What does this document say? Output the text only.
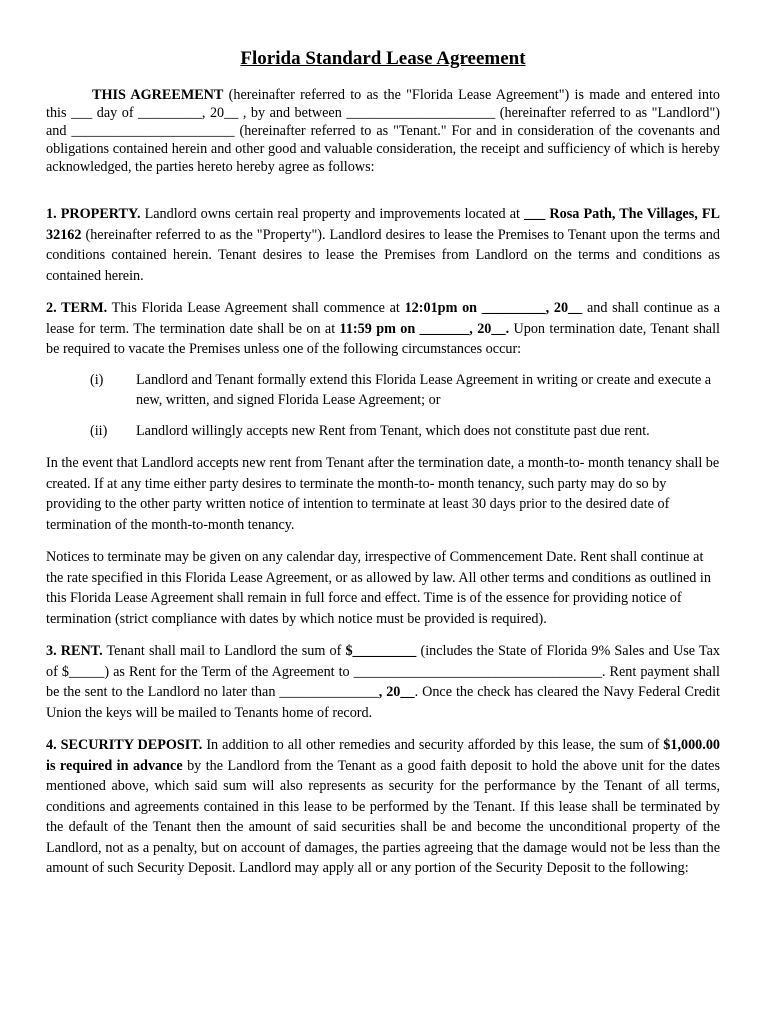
Florida Standard Lease Agreement

THIS AGREEMENT (hereinafter referred to as the "Florida Lease Agreement") is made and entered into this ___ day of _________, 20__ , by and between _____________________ (hereinafter referred to as "Landlord") and _______________________ (hereinafter referred to as "Tenant." For and in consideration of the covenants and obligations contained herein and other good and valuable consideration, the receipt and sufficiency of which is hereby acknowledged, the parties hereto hereby agree as follows:

1. PROPERTY. Landlord owns certain real property and improvements located at ___ Rosa Path, The Villages, FL 32162 (hereinafter referred to as the "Property"). Landlord desires to lease the Premises to Tenant upon the terms and conditions contained herein. Tenant desires to lease the Premises from Landlord on the terms and conditions as contained herein.

2. TERM. This Florida Lease Agreement shall commence at 12:01pm on _________, 20__ and shall continue as a lease for term. The termination date shall be on at 11:59 pm on _______, 20__. Upon termination date, Tenant shall be required to vacate the Premises unless one of the following circumstances occur:

(i)	Landlord and Tenant formally extend this Florida Lease Agreement in writing or create and execute a new, written, and signed Florida Lease Agreement; or
(ii)	Landlord willingly accepts new Rent from Tenant, which does not constitute past due rent.

In the event that Landlord accepts new rent from Tenant after the termination date, a month-to- month tenancy shall be created. If at any time either party desires to terminate the month-to- month tenancy, such party may do so by providing to the other party written notice of intention to terminate at least 30 days prior to the desired date of termination of the month-to-month tenancy.

Notices to terminate may be given on any calendar day, irrespective of Commencement Date. Rent shall continue at the rate specified in this Florida Lease Agreement, or as allowed by law. All other terms and conditions as outlined in this Florida Lease Agreement shall remain in full force and effect. Time is of the essence for providing notice of termination (strict compliance with dates by which notice must be provided is required).

3. RENT. Tenant shall mail to Landlord the sum of $_________ (includes the State of Florida 9% Sales and Use Tax of $_____) as Rent for the Term of the Agreement to ___________________________________. Rent payment shall be the sent to the Landlord no later than ______________, 20__. Once the check has cleared the Navy Federal Credit Union the keys will be mailed to Tenants home of record.

4. SECURITY DEPOSIT. In addition to all other remedies and security afforded by this lease, the sum of $1,000.00 is required in advance by the Landlord from the Tenant as a good faith deposit to hold the above unit for the dates mentioned above, which said sum will also represents as security for the performance by the Tenant of all terms, conditions and agreements contained in this lease to be performed by the Tenant. If this lease shall be terminated by the default of the Tenant then the amount of said securities shall be and become the unconditional property of the Landlord, not as a penalty, but on account of damages, the parties agreeing that the damage would not be less than the amount of such Security Deposit. Landlord may apply all or any portion of the Security Deposit to the following:
